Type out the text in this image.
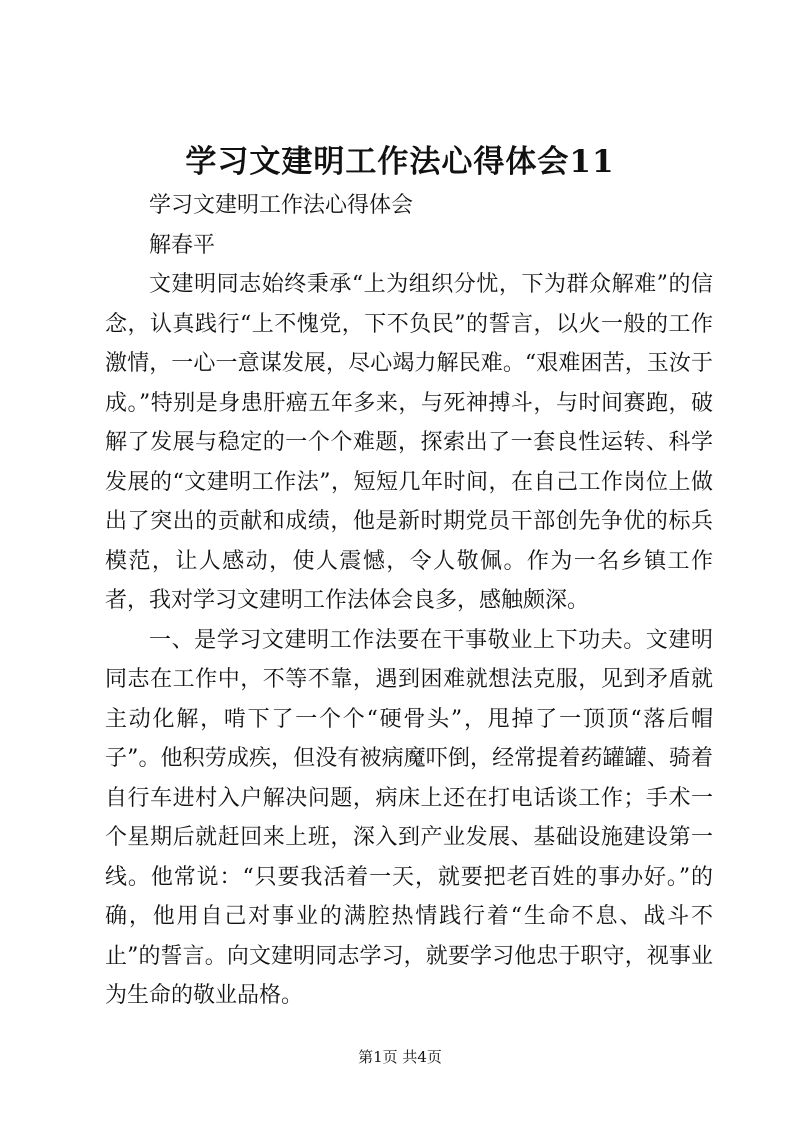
学习文建明工作法心得体会11

学习文建明工作法心得体会

解春平

文建明同志始终秉承“上为组织分忧，下为群众解难”的信念，认真践行“上不愧党，下不负民”的誓言，以火一般的工作激情，一心一意谋发展，尽心竭力解民难。“艰难困苦，玉汝于成。”特别是身患肝癌五年多来，与死神搏斗，与时间赛跑，破解了发展与稳定的一个个难题，探索出了一套良性运转、科学发展的“文建明工作法”，短短几年时间，在自己工作岗位上做出了突出的贡献和成绩，他是新时期党员干部创先争优的标兵模范，让人感动，使人震憾，令人敬佩。作为一名乡镇工作者，我对学习文建明工作法体会良多，感触颇深。

一、是学习文建明工作法要在干事敬业上下功夫。文建明同志在工作中，不等不靠，遇到困难就想法克服，见到矛盾就主动化解，啃下了一个个“硬骨头”，甩掉了一顶顶“落后帽子”。他积劳成疾，但没有被病魔吓倒，经常提着药罐罐、骑着自行车进村入户解决问题，病床上还在打电话谈工作；手术一个星期后就赶回来上班，深入到产业发展、基础设施建设第一线。他常说：“只要我活着一天，就要把老百姓的事办好。”的确，他用自己对事业的满腔热情践行着“生命不息、战斗不止”的誓言。向文建明同志学习，就要学习他忠于职守，视事业为生命的敬业品格。

第1页 共4页
